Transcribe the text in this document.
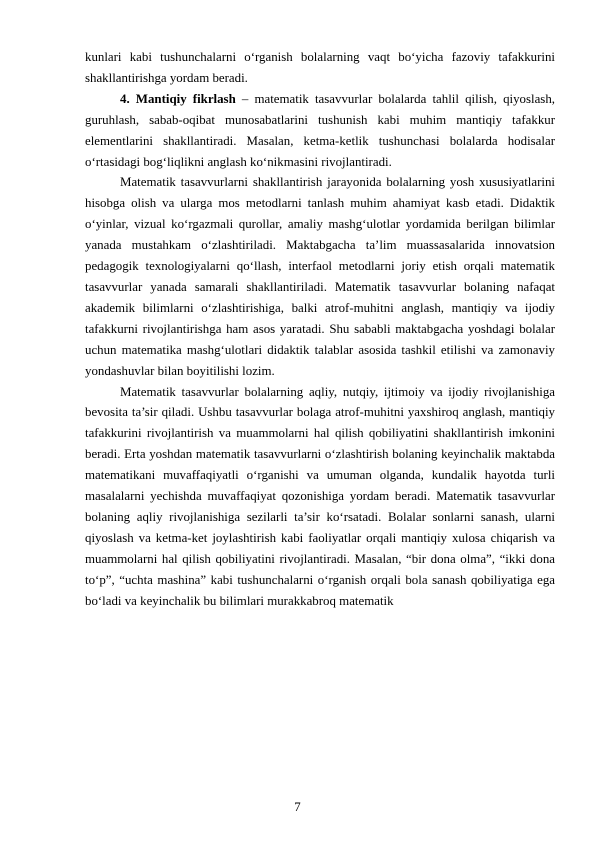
kunlari kabi tushunchalarni o‘rganish bolalarning vaqt bo‘yicha fazoviy tafakkurini shakllantirishga yordam beradi.

4. Mantiqiy fikrlash – matematik tasavvurlar bolalarda tahlil qilish, qiyoslash, guruhlash, sabab-oqibat munosabatlarini tushunish kabi muhim mantiqiy tafakkur elementlarini shakllantiradi. Masalan, ketma-ketlik tushunchasi bolalarda hodisalar o‘rtasidagi bog‘liqlikni anglash ko‘nikmasini rivojlantiradi.

Matematik tasavvurlarni shakllantirish jarayonida bolalarning yosh xususiyatlarini hisobga olish va ularga mos metodlarni tanlash muhim ahamiyat kasb etadi. Didaktik o‘yinlar, vizual ko‘rgazmali qurollar, amaliy mashg‘ulotlar yordamida berilgan bilimlar yanada mustahkam o‘zlashtiriladi. Maktabgacha ta’lim muassasalarida innovatsion pedagogik texnologiyalarni qo‘llash, interfaol metodlarni joriy etish orqali matematik tasavvurlar yanada samarali shakllantiriladi. Matematik tasavvurlar bolaning nafaqat akademik bilimlarni o‘zlashtirishiga, balki atrof-muhitni anglash, mantiqiy va ijodiy tafakkurni rivojlantirishga ham asos yaratadi. Shu sababli maktabgacha yoshdagi bolalar uchun matematika mashg‘ulotlari didaktik talablar asosida tashkil etilishi va zamonaviy yondashuvlar bilan boyitilishi lozim.

Matematik tasavvurlar bolalarning aqliy, nutqiy, ijtimoiy va ijodiy rivojlanishiga bevosita ta’sir qiladi. Ushbu tasavvurlar bolaga atrof-muhitni yaxshiroq anglash, mantiqiy tafakkurini rivojlantirish va muammolarni hal qilish qobiliyatini shakllantirish imkonini beradi. Erta yoshdan matematik tasavvurlarni o‘zlashtirish bolaning keyinchalik maktabda matematikani muvaffaqiyatli o‘rganishi va umuman olganda, kundalik hayotda turli masalalarni yechishda muvaffaqiyat qozonishiga yordam beradi. Matematik tasavvurlar bolaning aqliy rivojlanishiga sezilarli ta’sir ko‘rsatadi. Bolalar sonlarni sanash, ularni qiyoslash va ketma-ket joylashtirish kabi faoliyatlar orqali mantiqiy xulosa chiqarish va muammolarni hal qilish qobiliyatini rivojlantiradi. Masalan, “bir dona olma”, “ikki dona to‘p”, “uchta mashina” kabi tushunchalarni o‘rganish orqali bola sanash qobiliyatiga ega bo‘ladi va keyinchalik bu bilimlari murakkabroq matematik

7
